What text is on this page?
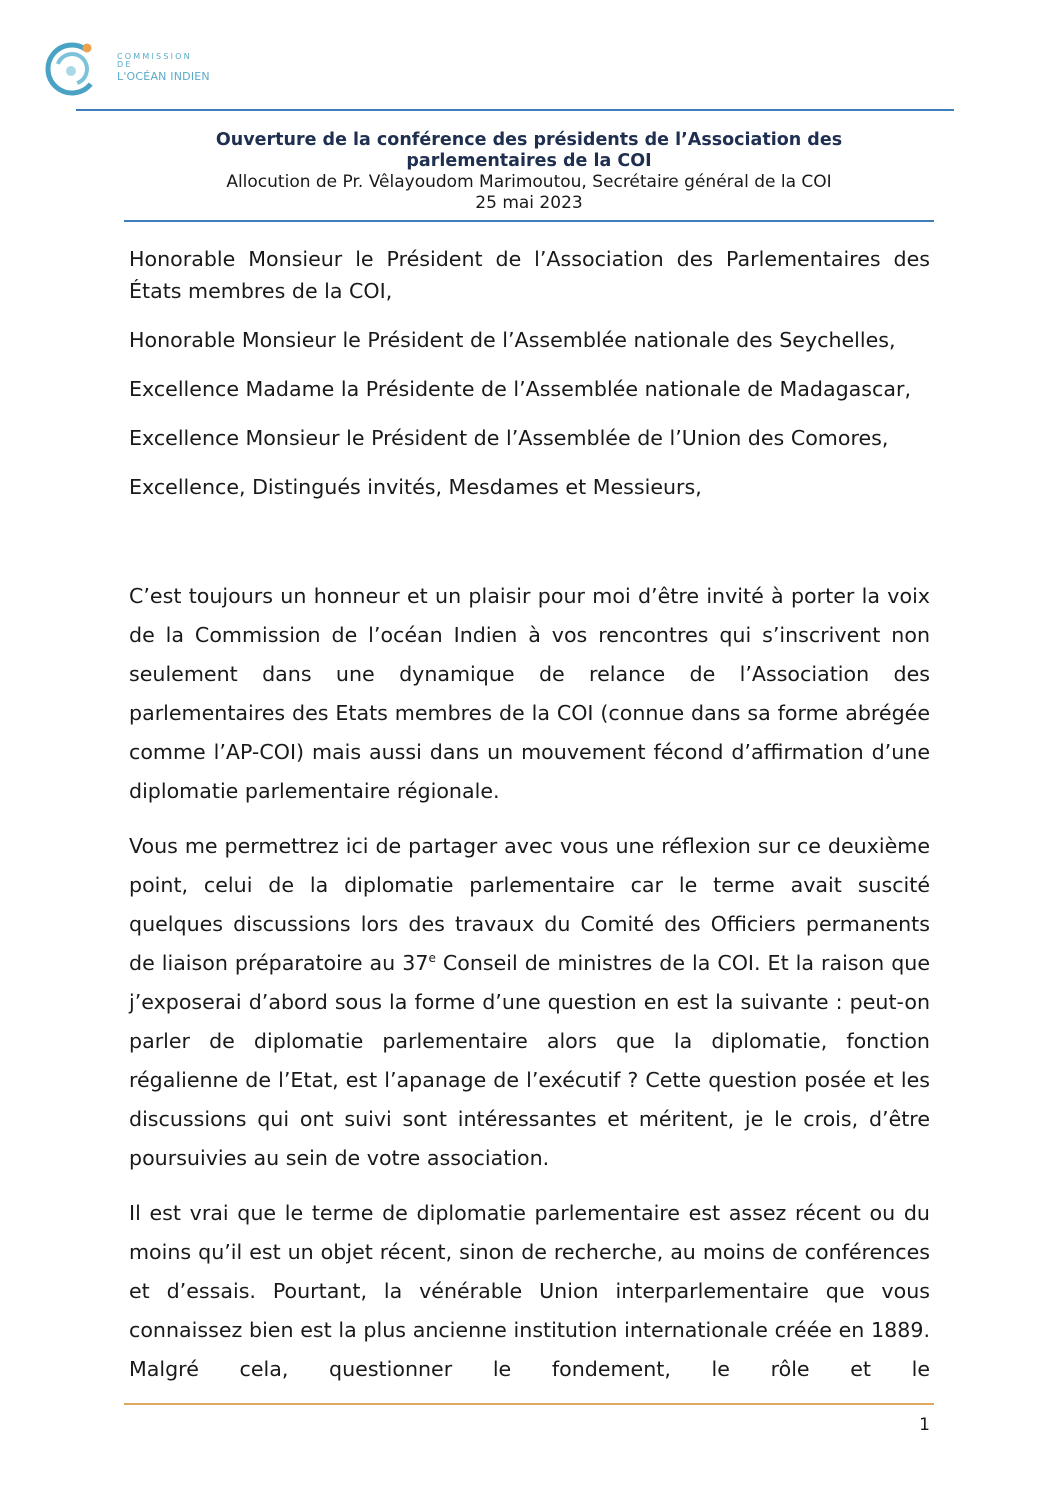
COMMISSION DE
L'OCÉAN INDIEN
Ouverture de la conférence des présidents de l’Association des
parlementaires de la COI
Allocution de Pr. Vêlayoudom Marimoutou, Secrétaire général de la COI
25 mai 2023

Honorable Monsieur le Président de l’Association des Parlementaires des États membres de la COI,

Honorable Monsieur le Président de l’Assemblée nationale des Seychelles,

Excellence Madame la Présidente de l’Assemblée nationale de Madagascar,

Excellence Monsieur le Président de l’Assemblée de l’Union des Comores,

Excellence, Distingués invités, Mesdames et Messieurs,

C’est toujours un honneur et un plaisir pour moi d’être invité à porter la voix de la Commission de l’océan Indien à vos rencontres qui s’inscrivent non seulement dans une dynamique de relance de l’Association des parlementaires des Etats membres de la COI (connue dans sa forme abrégée comme l’AP-COI) mais aussi dans un mouvement fécond d’affirmation d’une diplomatie parlementaire régionale.

Vous me permettrez ici de partager avec vous une réflexion sur ce deuxième point, celui de la diplomatie parlementaire car le terme avait suscité quelques discussions lors des travaux du Comité des Officiers permanents de liaison préparatoire au 37e Conseil de ministres de la COI. Et la raison que j’exposerai d’abord sous la forme d’une question en est la suivante : peut-on parler de diplomatie parlementaire alors que la diplomatie, fonction régalienne de l’Etat, est l’apanage de l’exécutif ? Cette question posée et les discussions qui ont suivi sont intéressantes et méritent, je le crois, d’être poursuivies au sein de votre association.

Il est vrai que le terme de diplomatie parlementaire est assez récent ou du moins qu’il est un objet récent, sinon de recherche, au moins de conférences et d’essais. Pourtant, la vénérable Union interparlementaire que vous connaissez bien est la plus ancienne institution internationale créée en 1889. Malgré cela, questionner le fondement, le rôle et le

1
